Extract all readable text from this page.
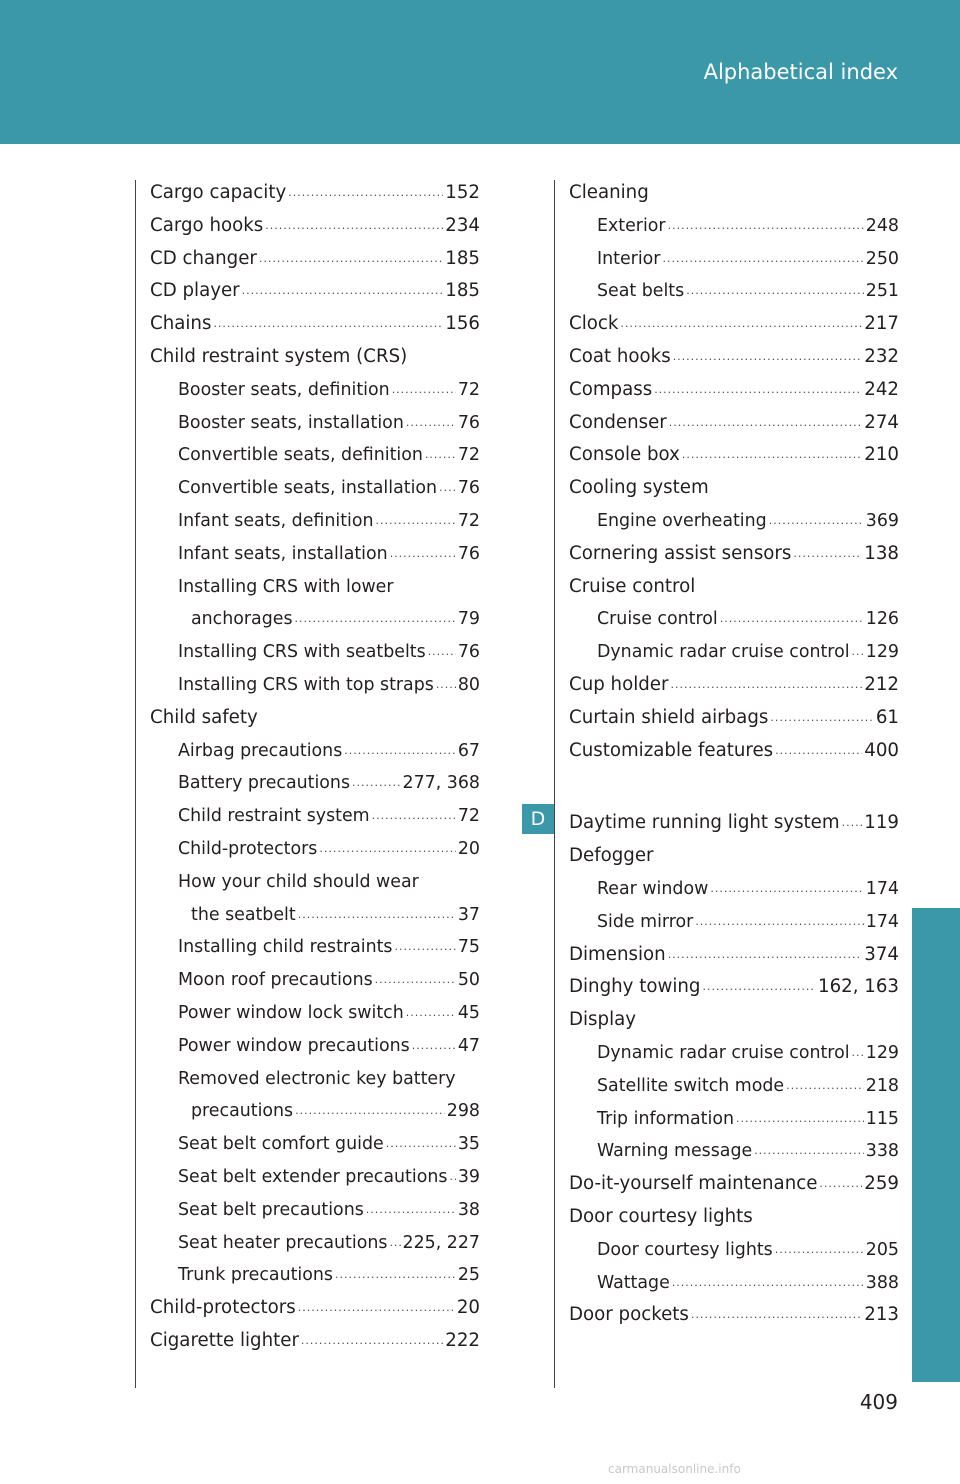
Alphabetical index
Cargo capacity .....	152
Cargo hooks .....	234
CD changer .....	185
CD player .....	185
Chains .....	156
Child restraint system (CRS)
Booster seats, definition .....	72
Booster seats, installation .....	76
Convertible seats, definition ..... 72
Convertible seats, installation ..... 76
Infant seats, definition .....	72
Infant seats, installation .....	76
Installing CRS with lower
anchorages .....	79
Installing CRS with seatbelts ..... 76
Installing CRS with top straps ..... 80
Child safety
Airbag precautions .....	67
Battery precautions .....	277, 368
Child restraint system .....	72
Child-protectors .....	20
How your child should wear
the seatbelt .....	37
Installing child restraints .....	75
Moon roof precautions .....	50
Power window lock switch .....	45
Power window precautions .....	47
Removed electronic key battery
precautions .....	298
Seat belt comfort guide .....	35
Seat belt extender precautions ..... 39
Seat belt precautions .....	38
Seat heater precautions ..... 225, 227
Trunk precautions .....	25
Child-protectors .....	20
Cigarette lighter .....	222
Cleaning
Exterior .....	248
Interior .....	250
Seat belts .....	251
Clock .....	217
Coat hooks .....	232
Compass .....	242
Condenser .....	274
Console box .....	210
Cooling system
Engine overheating .....	369
Cornering assist sensors .....	138
Cruise control
Cruise control .....	126
Dynamic radar cruise control ..... 129
Cup holder .....	212
Curtain shield airbags .....	61
Customizable features .....	400
Daytime running light system ..... 119
Defogger
Rear window .....	174
Side mirror .....	174
Dimension .....	374
Dinghy towing .....	162, 163
Display
Dynamic radar cruise control ..... 129
Satellite switch mode .....	218
Trip information .....	115
Warning message .....	338
Do-it-yourself maintenance .....	259
Door courtesy lights
Door courtesy lights .....	205
Wattage .....	388
Door pockets .....	213
D
409
carmanualsonline.info
